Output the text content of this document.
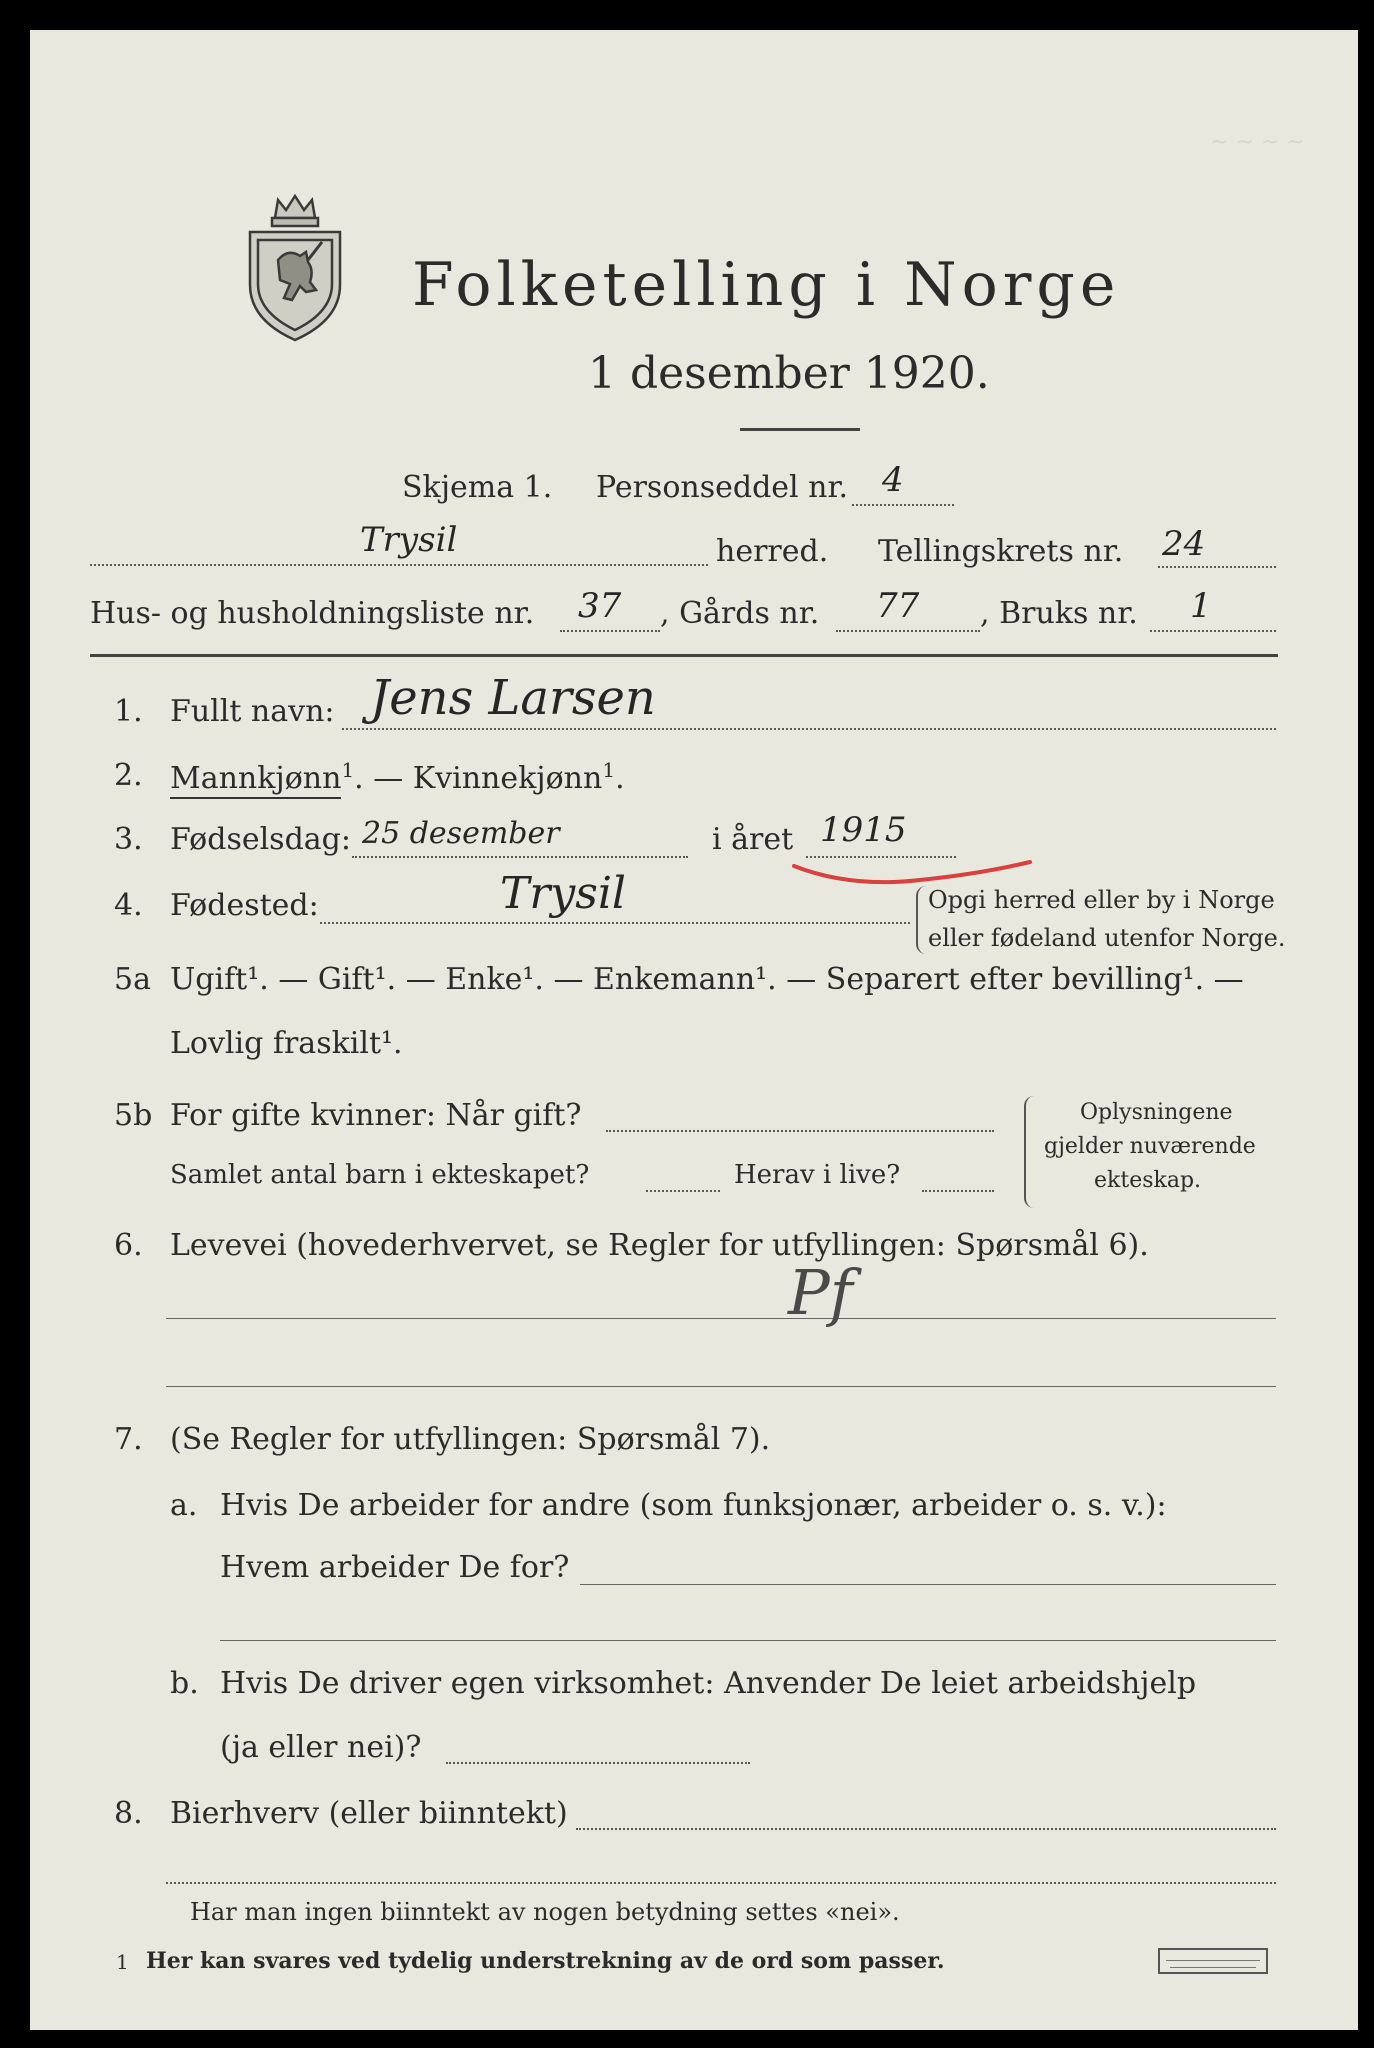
~ ~ ~ ~
Folketelling i Norge
1 desember 1920.
Skjema 1. Personseddel nr. 4
Trysil	herred. Tellingskrets nr. 24
Hus- og husholdningsliste nr. 37 , Gårds nr. 77 , Bruks nr. 1
1. Fullt navn: Jens Larsen
2. Mannkjønn$^1$. — Kvinnekjønn$^1$.
3. Fødselsdag: 25 desember	i året 1915
4. Fødested:	Trysil	Opgi herred eller by i Norge
eller fødeland utenfor Norge.
5a Ugift¹. — Gift¹. — Enke¹. — Enkemann¹. — Separert efter bevilling¹. —
Lovlig fraskilt¹.
5b For gifte kvinner: Når gift?
Samlet antal barn i ekteskapet?	Herav i live?
Oplysningene
gjelder nuværende
ekteskap.
6. Levevei (hovederhvervet, se Regler for utfyllingen: Spørsmål 6).
Pf
7. (Se Regler for utfyllingen: Spørsmål 7).
a. Hvis De arbeider for andre (som funksjonær, arbeider o. s. v.):
Hvem arbeider De for?
b. Hvis De driver egen virksomhet: Anvender De leiet arbeidshjelp
(ja eller nei)?
8. Bierhverv (eller biinntekt)
Har man ingen biinntekt av nogen betydning settes «nei».
1 Her kan svares ved tydelig understrekning av de ord som passer.
